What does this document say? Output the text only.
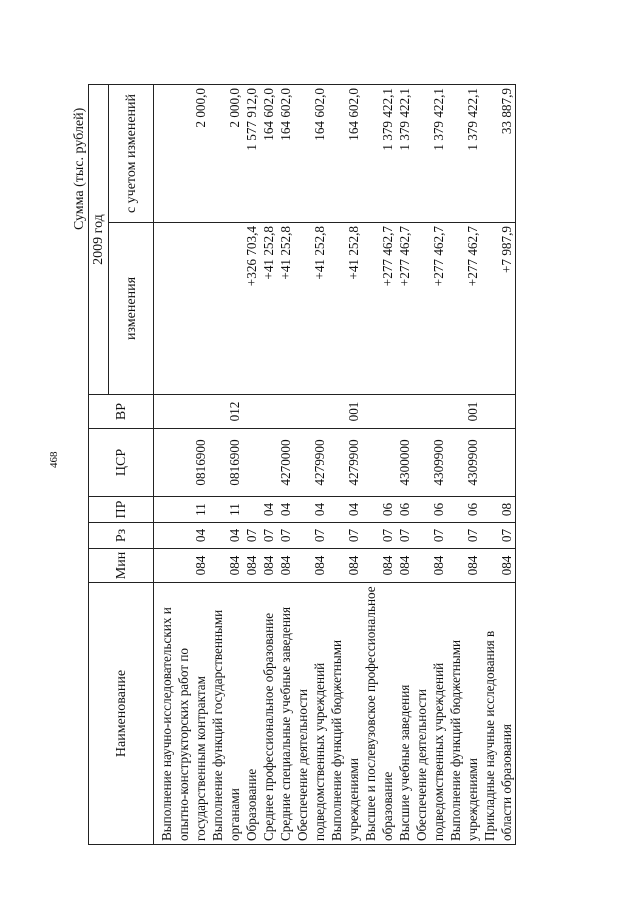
468
Сумма (тыс. рублей)
Наименование	Мин	Рз	ПР	ЦСР	ВР	2009 год	
						изменения	с учетом изменений
Выполнение научно-исследовательских и опытно-конструкторских работ по государственным контрактам	084	04	11	0816900			2 000,0
Выполнение функций государственными органами	084	04	11	0816900	012		2 000,0
Образование	084	07				+326 703,4	1 577 912,0
Среднее профессиональное образование	084	07	04			+41 252,8	164 602,0
Средние специальные учебные заведения	084	07	04	4270000		+41 252,8	164 602,0
Обеспечение деятельности подведомственных учреждений	084	07	04	4279900		+41 252,8	164 602,0
Выполнение функций бюджетными учреждениями	084	07	04	4279900	001	+41 252,8	164 602,0
Высшее и послевузовское профессиональное образование	084	07	06			+277 462,7	1 379 422,1
Высшие учебные заведения	084	07	06	4300000		+277 462,7	1 379 422,1
Обеспечение деятельности подведомственных учреждений	084	07	06	4309900		+277 462,7	1 379 422,1
Выполнение функций бюджетными учреждениями	084	07	06	4309900	001	+277 462,7	1 379 422,1
Прикладные научные исследования в области образования	084	07	08			+7 987,9	33 887,9
